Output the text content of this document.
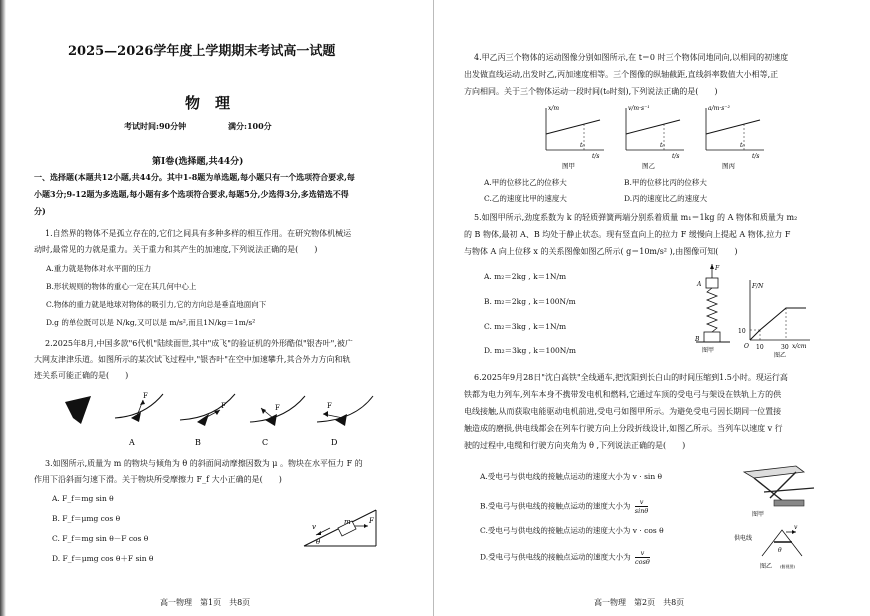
2025—2026学年度上学期期末考试高一试题
物　理
考试时间:90分钟	满分:100分
第Ⅰ卷(选择题,共44分)
一、选择题(本题共12小题,共44分。其中1-8题为单选题,每小题只有一个选项符合要求,每
小题3分;9-12题为多选题,每小题有多个选项符合要求,每题5分,少选得3分,多选错选不得
分)
1.自然界的物体不是孤立存在的,它们之间具有多种多样的相互作用。在研究物体机械运
动时,最常见的力就是重力。关于重力和其产生的加速度,下列说法正确的是(　　)
A.重力就是物体对水平面的压力
B.形状规则的物体的重心一定在其几何中心上
C.物体的重力就是地球对物体的吸引力,它的方向总是垂直地面向下
D.g 的单位既可以是 N/kg,又可以是 m/s²,而且1N/kg＝1m/s²
2.2025年8月,中国多款"6代机"陆续面世,其中"成飞"的验证机的外形酷似"银杏叶",被广
大网友津津乐道。如图所示的某次试飞过程中,"银杏叶"在空中加速攀升,其合外力方向和轨
迹关系可能正确的是(　　)
F
A
F
B
F
C
F
D
3.如图所示,质量为 m 的物块与倾角为 θ 的斜面间动摩擦因数为 μ 。物块在水平恒力 F 的
作用下沿斜面匀速下滑。关于物块所受摩擦力 F_f 大小正确的是(　　)
A. F_f＝mg sin θ
B. F_f＝μmg cos θ
C. F_f＝mg sin θ－F cos θ
D. F_f＝μmg cos θ＋F sin θ
v
m	F
θ
高一物理　第1页　共8页
4.甲乙丙三个物体的运动图像分别如图所示,在 t＝0 时三个物体同地同向,以相同的初速度
出发做直线运动,出发时乙,丙加速度相等。三个图像的纵轴截距,直线斜率数值大小相等,正
方向相同。关于三个物体运动一段时间(t₀时刻),下列说法正确的是(　　)
x/m
t/s
t₀
图甲
v/m·s⁻¹
t/s
t₀
图乙
a/m·s⁻²
t/s
t₀
图丙
A.甲的位移比乙的位移大	B.甲的位移比丙的位移大
C.乙的速度比甲的速度大	D.丙的速度比乙的速度大
5.如图甲所示,劲度系数为 k 的轻质弹簧两端分别系着质量 m₁＝1kg 的 A 物体和质量为 m₂
的 B 物体,最初 A、B 均处于静止状态。现有竖直向上的拉力 F 缓慢向上提起 A 物体,拉力 F
与物体 A 向上位移 x 的关系图像如图乙所示( g＝10m/s² ),由图像可知(　　)
A. m₂＝2kg , k＝1N/m
B. m₂＝2kg , k＝100N/m
C. m₂＝3kg , k＝1N/m
D. m₂＝3kg , k＝100N/m
F
A
B
图甲
F/N
x/cm
10
10	30
O
图乙
6.2025年9月28日"沈白高铁"全线通车,把沈阳到长白山的时间压缩到1.5小时。现运行高
铁都为电力列车,列车本身不携带发电机和燃料,它通过车顶的受电弓与架设在铁轨上方的供
电线接触,从而获取电能驱动电机前进,受电弓如图甲所示。为避免受电弓因长期同一位置接
触造成的磨损,供电线都会在列车行驶方向上分段折线设计,如图乙所示。当列车以速度 v 行
驶的过程中,电缆和行驶方向夹角为 θ ,下列说法正确的是(　　)
A.受电弓与供电线的接触点运动的速度大小为 v · sin θ
B.受电弓与供电线的接触点运动的速度大小为 $\frac{v}{\sin\theta}$
C.受电弓与供电线的接触点运动的速度大小为 v · cos θ
D.受电弓与供电线的接触点运动的速度大小为 $\frac{v}{\cos\theta}$
图甲
v
θ
供电线
图乙 (俯视图)
高一物理　第2页　共8页
